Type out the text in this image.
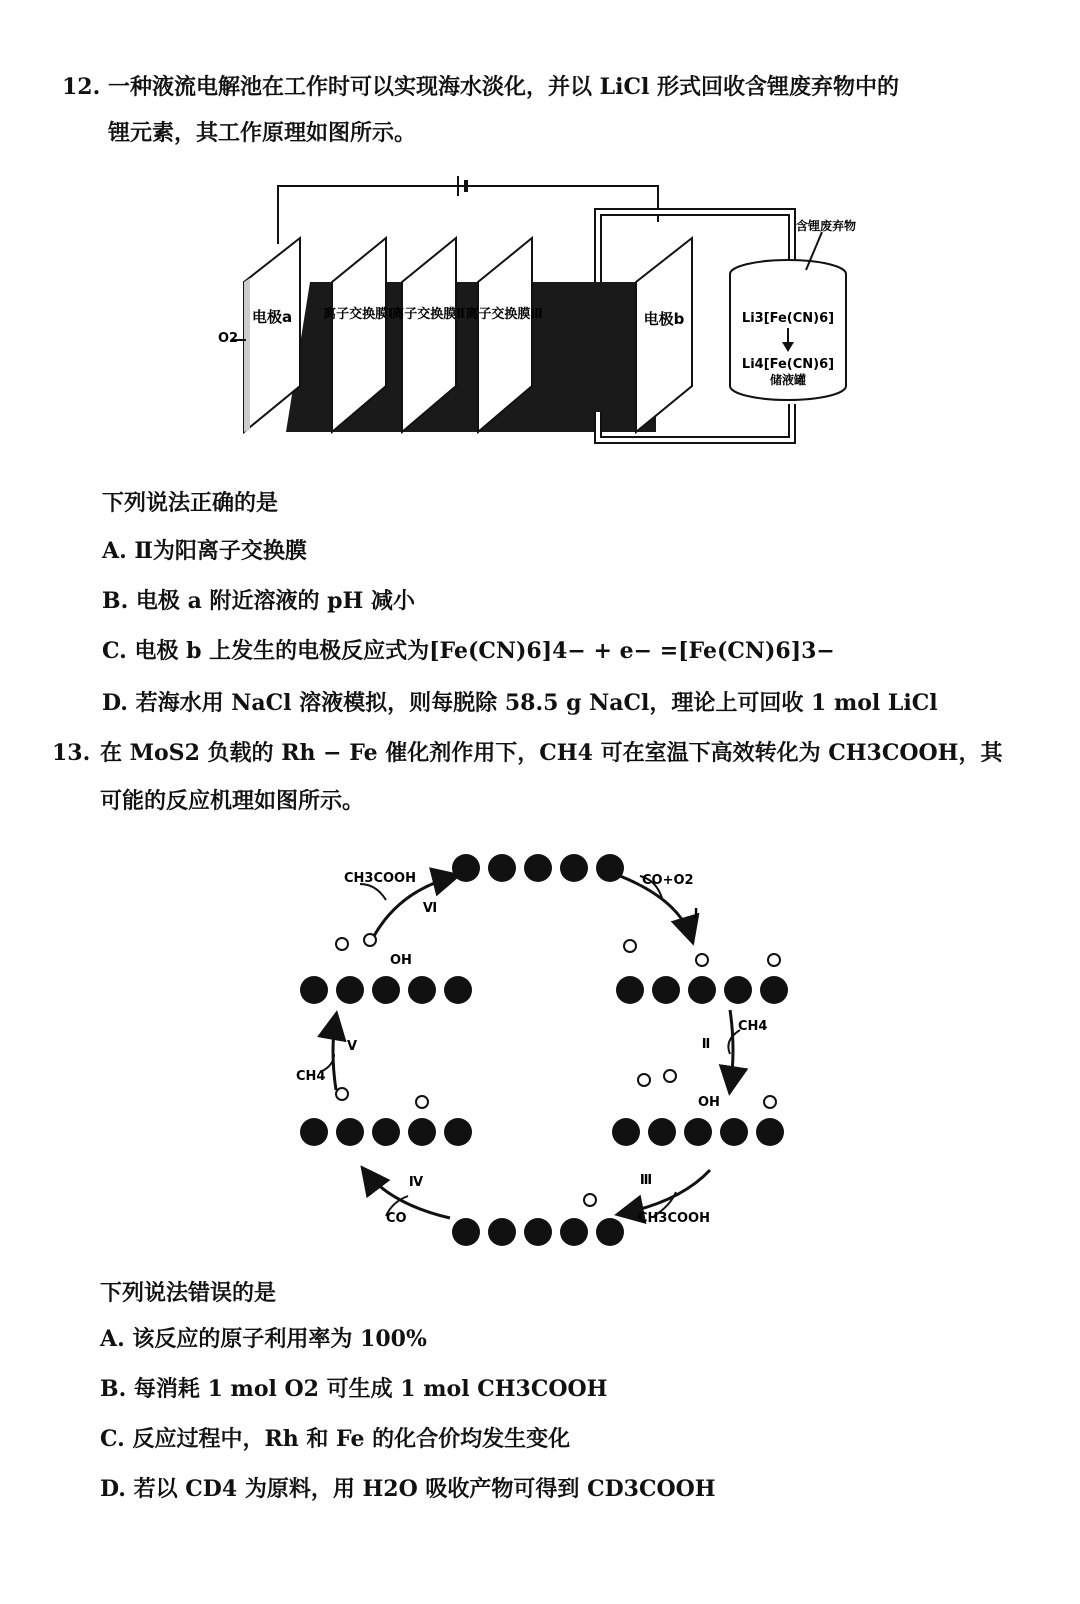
12. 一种液流电解池在工作时可以实现海水淡化，并以 LiCl 形式回收含锂废弃物中的
锂元素，其工作原理如图所示。
电极a 离子交换膜Ⅰ
离子交换膜Ⅱ 离子交换膜Ⅲ	电极b
O2
含锂废弃物
Li3[Fe(CN)6]
Li4[Fe(CN)6]
储液罐
下列说法正确的是
A. Ⅱ为阳离子交换膜
B. 电极 a 附近溶液的 pH 减小
C. 电极 b 上发生的电极反应式为[Fe(CN)6]4− + e− =[Fe(CN)6]3−
D. 若海水用 NaCl 溶液模拟，则每脱除 58.5 g NaCl，理论上可回收 1 mol LiCl
13. 在 MoS2 负载的 Rh − Fe 催化剂作用下，CH4 可在室温下高效转化为 CH3COOH，其
可能的反应机理如图所示。
Ⅰ
Ⅱ
Ⅲ
Ⅳ
Ⅴ
Ⅵ
CO+O2
CH4
CH3COOH
CO
CH4
CH3COOH
OH
OH
下列说法错误的是
A. 该反应的原子利用率为 100%
B. 每消耗 1 mol O2 可生成 1 mol CH3COOH
C. 反应过程中，Rh 和 Fe 的化合价均发生变化
D. 若以 CD4 为原料，用 H2O 吸收产物可得到 CD3COOH
